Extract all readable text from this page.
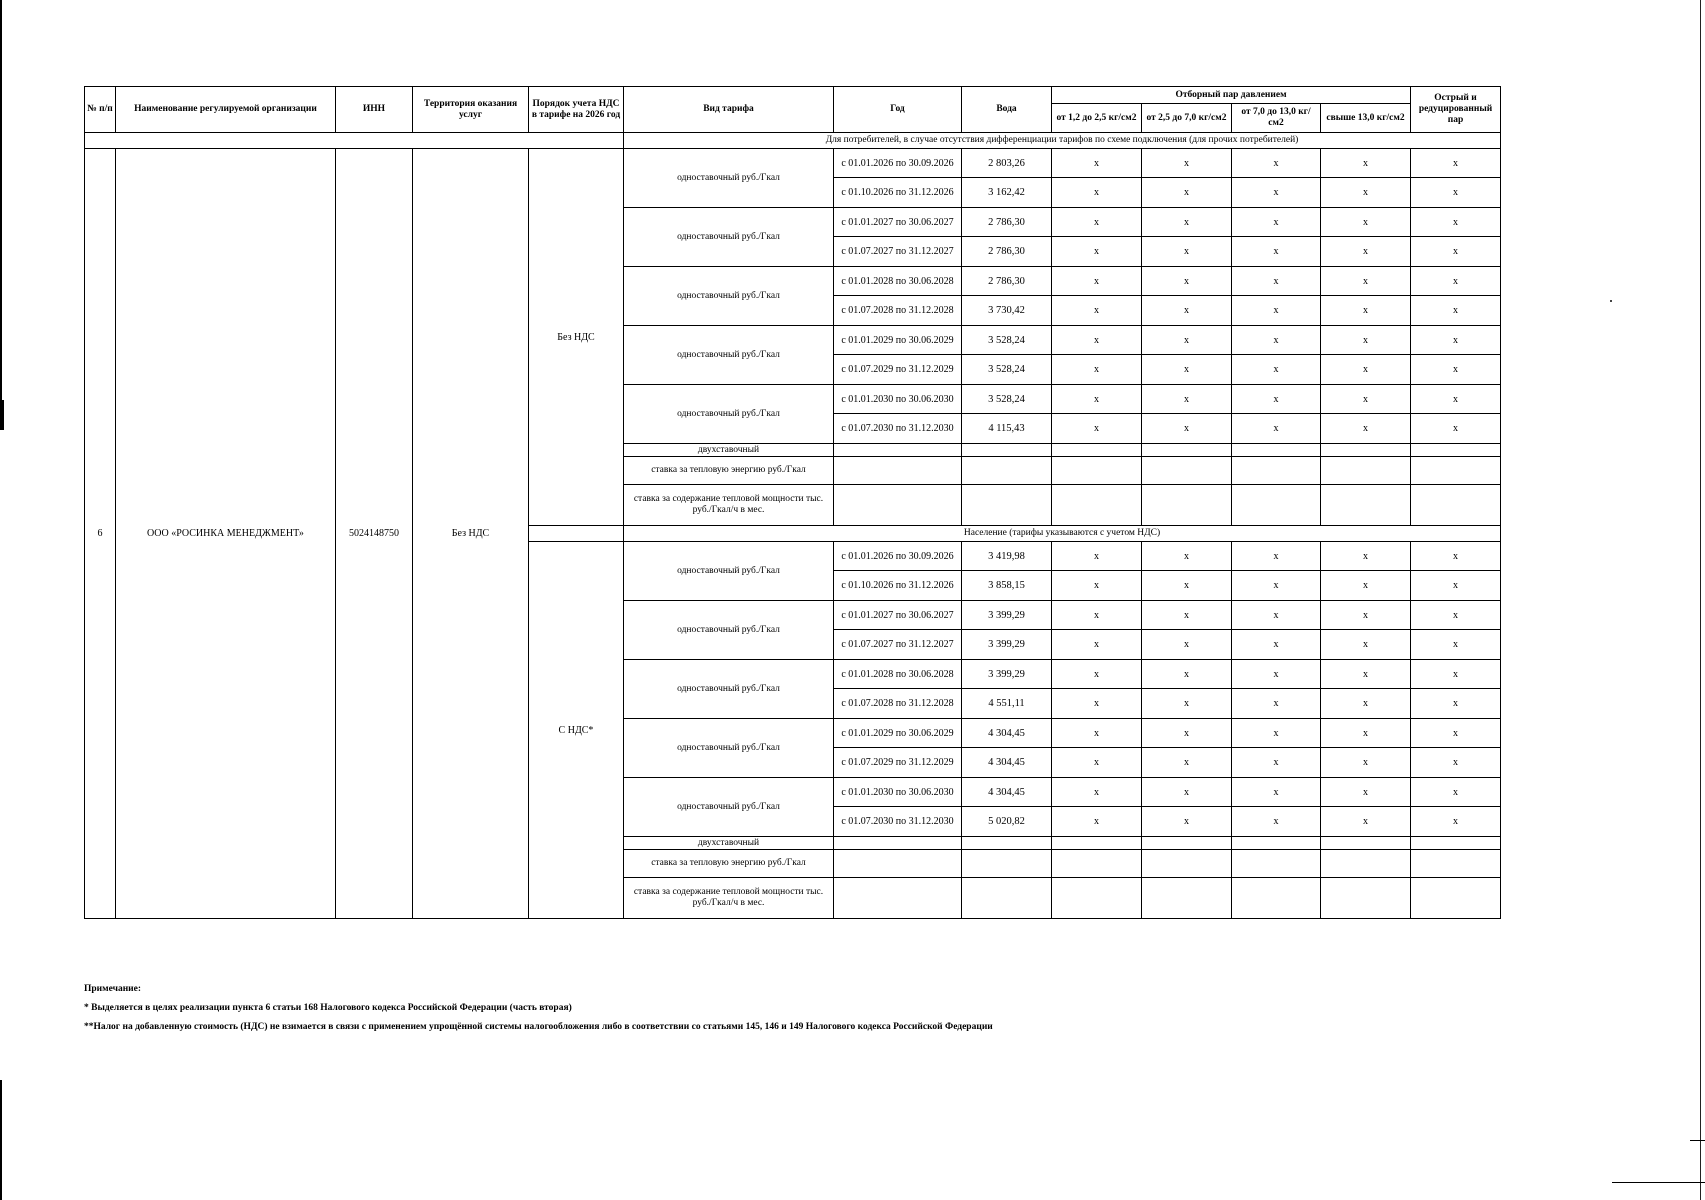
№ п/п	Наименование регулируемой организации	ИНН	Территория оказания услуг	Порядок учета НДС в тарифе на 2026 год	Вид тарифа	Год	Вода	Отборный пар давлением				Острый и редуцированный пар
								от 1,2 до 2,5 кг/см2	от 2,5 до 7,0 кг/см2	от 7,0 до 13,0 кг/см2	свыше 13,0 кг/см2	
					Для потребителей, в случае отсутствия дифференциации тарифов по схеме подключения (для прочих потребителей)							
6	ООО «РОСИНКА МЕНЕДЖМЕНТ»	5024148750	Без НДС	Без НДС	одноставочный руб./Гкал	с 01.01.2026 по 30.09.2026	2 803,26	x	x	x	x	x
						с 01.10.2026 по 31.12.2026	3 162,42	x	x	x	x	x
					одноставочный руб./Гкал	с 01.01.2027 по 30.06.2027	2 786,30	x	x	x	x	x
						с 01.07.2027 по 31.12.2027	2 786,30	x	x	x	x	x
					одноставочный руб./Гкал	с 01.01.2028 по 30.06.2028	2 786,30	x	x	x	x	x
						с 01.07.2028 по 31.12.2028	3 730,42	x	x	x	x	x
					одноставочный руб./Гкал	с 01.01.2029 по 30.06.2029	3 528,24	x	x	x	x	x
						с 01.07.2029 по 31.12.2029	3 528,24	x	x	x	x	x
					одноставочный руб./Гкал	с 01.01.2030 по 30.06.2030	3 528,24	x	x	x	x	x
						с 01.07.2030 по 31.12.2030	4 115,43	x	x	x	x	x
					двухставочный							
					ставка за тепловую энергию руб./Гкал							
					ставка за содержание тепловой мощности тыс. руб./Гкал/ч в мес.							
					Население (тарифы указываются с учетом НДС)							
				С НДС*	одноставочный руб./Гкал	с 01.01.2026 по 30.09.2026	3 419,98	x	x	x	x	x
						с 01.10.2026 по 31.12.2026	3 858,15	x	x	x	x	x
					одноставочный руб./Гкал	с 01.01.2027 по 30.06.2027	3 399,29	x	x	x	x	x
						с 01.07.2027 по 31.12.2027	3 399,29	x	x	x	x	x
					одноставочный руб./Гкал	с 01.01.2028 по 30.06.2028	3 399,29	x	x	x	x	x
						с 01.07.2028 по 31.12.2028	4 551,11	x	x	x	x	x
					одноставочный руб./Гкал	с 01.01.2029 по 30.06.2029	4 304,45	x	x	x	x	x
						с 01.07.2029 по 31.12.2029	4 304,45	x	x	x	x	x
					одноставочный руб./Гкал	с 01.01.2030 по 30.06.2030	4 304,45	x	x	x	x	x
						с 01.07.2030 по 31.12.2030	5 020,82	x	x	x	x	x
					двухставочный							
					ставка за тепловую энергию руб./Гкал							
					ставка за содержание тепловой мощности тыс. руб./Гкал/ч в мес.							
Примечание:
* Выделяется в целях реализации пункта 6 статьи 168 Налогового кодекса Российской Федерации (часть вторая)
**Налог на добавленную стоимость (НДС) не взимается в связи с применением упрощённой системы налогообложения либо в соответствии со статьями 145, 146 и 149 Налогового кодекса Российской Федерации
